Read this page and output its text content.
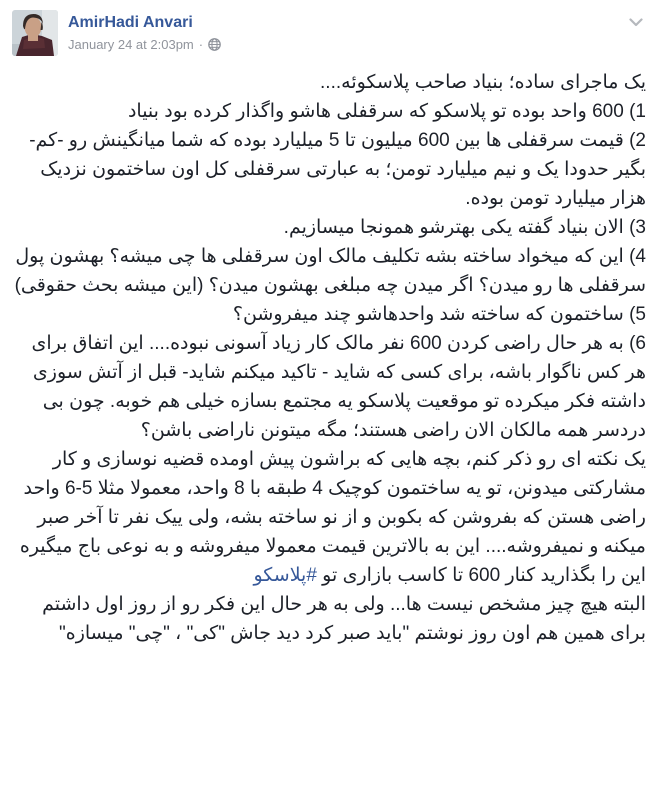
AmirHadi Anvari
January 24 at 2:03pm ·
یک ماجرای ساده؛ بنیاد صاحب پلاسکوئه....
1) 600 واحد بوده تو پلاسکو که سرقفلی هاشو واگذار کرده بود بنیاد
2) قیمت سرقفلی ها بین 600 میلیون تا 5 میلیارد بوده که شما میانگینش رو -کم- بگیر حدودا یک و نیم میلیارد تومن؛ به عبارتی سرقفلی کل اون ساختمون نزدیک هزار میلیارد تومن بوده.
3) الان بنیاد گفته یکی بهترشو همونجا میسازیم.
4) این که میخواد ساخته بشه تکلیف مالک اون سرقفلی ها چی میشه؟ بهشون پول سرقفلی ها رو میدن؟ اگر میدن چه مبلغی بهشون میدن؟ (این میشه بحث حقوقی)
5) ساختمون که ساخته شد واحدهاشو چند میفروشن؟
6) به هر حال راضی کردن 600 نفر مالک کار زیاد آسونی نبوده.... این اتفاق برای هر کس ناگوار باشه، برای کسی که شاید - تاکید میکنم شاید- قبل از آتش سوزی داشته فکر میکرده تو موقعیت پلاسکو یه مجتمع بسازه خیلی هم خوبه. چون بی دردسر همه مالکان الان راضی هستند؛ مگه میتونن ناراضی باشن؟
یک نکته ای رو ذکر کنم، بچه هایی که براشون پیش اومده قضیه نوسازی و کار مشارکتی میدونن، تو یه ساختمون کوچیک 4 طبقه با 8 واحد، معمولا مثلا 5-6 واحد راضی هستن که بفروشن که بکوبن و از نو ساخته بشه، ولی ییک نفر تا آخر صبر میکنه و نمیفروشه.... این به بالاترین قیمت معمولا میفروشه و به نوعی باج میگیره
این را بگذارید کنار 600 تا کاسب بازاری تو #پلاسکو
البته هیچ چیز مشخص نیست ها... ولی به هر حال این فکر رو از روز اول داشتم برای همین هم اون روز نوشتم "باید صبر کرد دید جاش "کی" ، "چی" میسازه"
